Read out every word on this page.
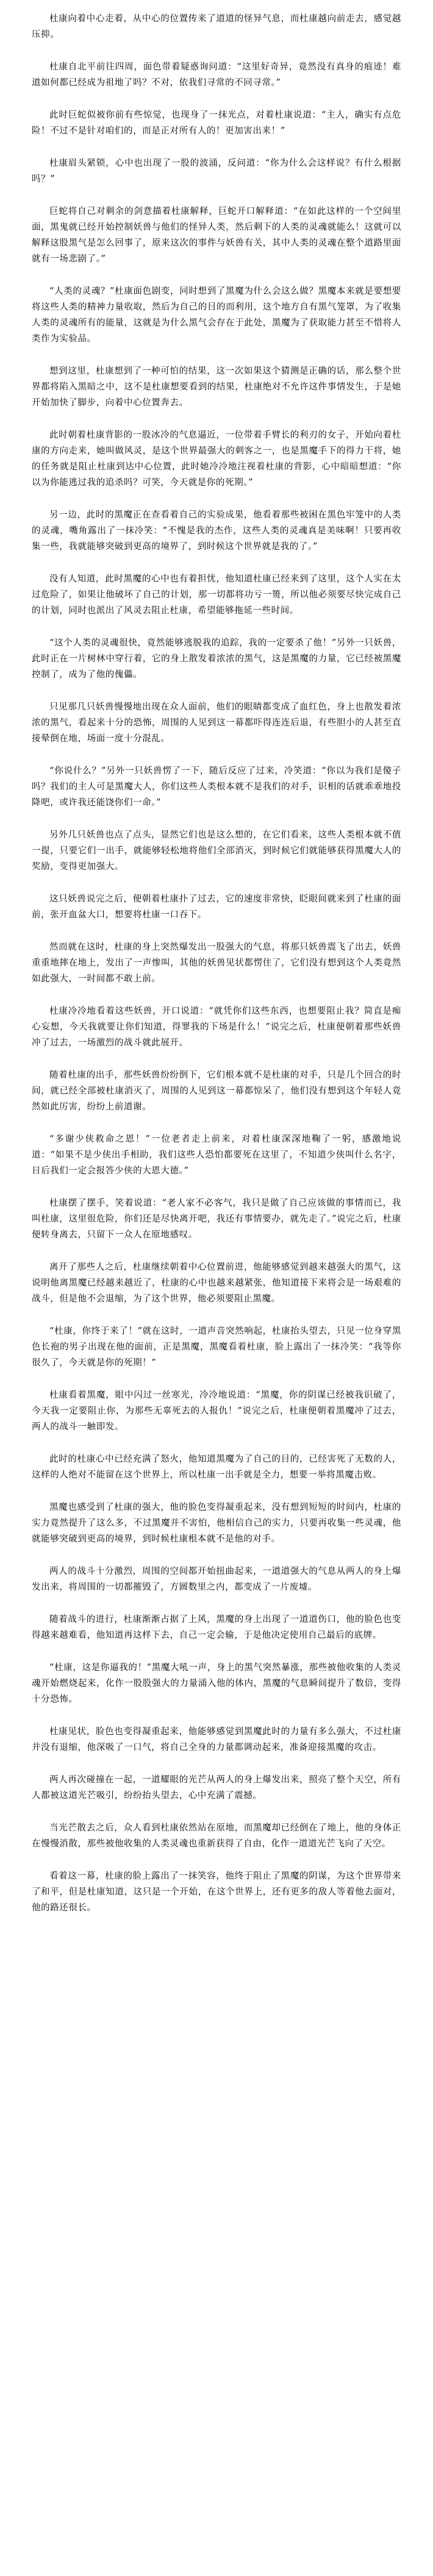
杜康向着中心走着，从中心的位置传来了道道的怪异气息，而杜康越向前走去，感觉越压抑。

杜康自北平前往四周，面色带着疑惑询问道：“这里好奇异，竟然没有真身的痕迹！难道如何都已经成为祖地了吗？不对，依我们寻常的不同寻常。”

此时巨蛇似被你前有些惊觉，也现身了一抹光点，对着杜康说道：“主人，确实有点危险！不过不是针对咱们的，而是正对所有人的！更加害出来！”

杜康眉头紧锁，心中也出现了一股的波涌，反问道：“你为什么会这样说？有什么根据吗？”

巨蛇将自己对剩余的剑意描着杜康解释，巨蛇开口解释道：“在如此这样的一个空间里面，黑鬼就已经开始控制妖兽与他们的怪异人类，然后剩下的人类的灵魂就能么！这就可以解释这股黑气是怎么回事了，原来这次的事件与妖兽有关，其中人类的灵魂在整个道路里面就有一场悲剧了。”

“人类的灵魂？”杜康面色剧变，同时想到了黑魔为什么会这么做？黑魔本来就是要想要将这些人类的精神力量收取，然后为自己的目的而利用，这个地方自有黑气笼罩，为了收集人类的灵魂所有的能量，这就是为什么黑气会存在于此处，黑魔为了获取能力甚至不惜将人类作为实验品。

想到这里，杜康想到了一种可怕的结果，这一次如果这个猜测是正确的话，那么整个世界都将陷入黑暗之中，这不是杜康想要看到的结果，杜康绝对不允许这件事情发生，于是她开始加快了脚步，向着中心位置奔去。

此时朝着杜康背影的一股冰冷的气息逼近，一位带着手臂长的利刃的女子，开始向着杜康的方向走来，她叫做风灵，是这个世界最强大的刺客之一，也是黑魔手下的得力干将，她的任务就是阻止杜康到达中心位置，此时她冷冷地注视着杜康的背影，心中暗暗想道：“你以为你能逃过我的追杀吗？可笑，今天就是你的死期。”

另一边，此时的黑魔正在查看着自己的实验成果，他看着那些被困在黑色牢笼中的人类的灵魂，嘴角露出了一抹冷笑：“不愧是我的杰作，这些人类的灵魂真是美味啊！只要再收集一些，我就能够突破到更高的境界了，到时候这个世界就是我的了。”

没有人知道，此时黑魔的心中也有着担忧，他知道杜康已经来到了这里，这个人实在太过危险了，如果让他破坏了自己的计划，那一切都将功亏一篑，所以他必须要尽快完成自己的计划，同时也派出了风灵去阻止杜康，希望能够拖延一些时间。

“这个人类的灵魂很快，竟然能够逃脱我的追踪，我的一定要杀了他！”另外一只妖兽，此时正在一片树林中穿行着，它的身上散发着浓浓的黑气，这是黑魔的力量，它已经被黑魔控制了，成为了他的傀儡。

只见那几只妖兽慢慢地出现在众人面前，他们的眼睛都变成了血红色，身上也散发着浓浓的黑气，看起来十分的恐怖，周围的人见到这一幕都吓得连连后退，有些胆小的人甚至直接晕倒在地，场面一度十分混乱。

“你说什么？”另外一只妖兽愣了一下，随后反应了过来，冷笑道：“你以为我们是傻子吗？我们的主人可是黑魔大人，你们这些人类根本就不是我们的对手，识相的话就乖乖地投降吧，或许我还能饶你们一命。”

另外几只妖兽也点了点头，显然它们也是这么想的，在它们看来，这些人类根本就不值一提，只要它们一出手，就能够轻松地将他们全部消灭，到时候它们就能够获得黑魔大人的奖励，变得更加强大。

这只妖兽说完之后，便朝着杜康扑了过去，它的速度非常快，眨眼间就来到了杜康的面前，张开血盆大口，想要将杜康一口吞下。

然而就在这时，杜康的身上突然爆发出一股强大的气息，将那只妖兽震飞了出去，妖兽重重地摔在地上，发出了一声惨叫，其他的妖兽见状都愣住了，它们没有想到这个人类竟然如此强大，一时间都不敢上前。

杜康冷冷地看着这些妖兽，开口说道：“就凭你们这些东西，也想要阻止我？简直是痴心妄想，今天我就要让你们知道，得罪我的下场是什么！”说完之后，杜康便朝着那些妖兽冲了过去，一场激烈的战斗就此展开。

随着杜康的出手，那些妖兽纷纷倒下，它们根本就不是杜康的对手，只是几个回合的时间，就已经全部被杜康消灭了，周围的人见到这一幕都惊呆了，他们没有想到这个年轻人竟然如此厉害，纷纷上前道谢。

“多谢少侠救命之恩！”一位老者走上前来，对着杜康深深地鞠了一躬，感激地说道：“如果不是少侠出手相助，我们这些人恐怕都要死在这里了，不知道少侠叫什么名字，日后我们一定会报答少侠的大恩大德。”

杜康摆了摆手，笑着说道：“老人家不必客气，我只是做了自己应该做的事情而已，我叫杜康，这里很危险，你们还是尽快离开吧，我还有事情要办，就先走了。”说完之后，杜康便转身离去，只留下一众人在原地感叹。

离开了那些人之后，杜康继续朝着中心位置前进，他能够感觉到越来越强大的黑气，这说明他离黑魔已经越来越近了，杜康的心中也越来越紧张，他知道接下来将会是一场艰难的战斗，但是他不会退缩，为了这个世界，他必须要阻止黑魔。

“杜康，你终于来了！”就在这时，一道声音突然响起，杜康抬头望去，只见一位身穿黑色长袍的男子出现在他的面前，正是黑魔，黑魔看着杜康，脸上露出了一抹冷笑：“我等你很久了，今天就是你的死期！”

杜康看着黑魔，眼中闪过一丝寒光，冷冷地说道：“黑魔，你的阴谋已经被我识破了，今天我一定要阻止你，为那些无辜死去的人报仇！”说完之后，杜康便朝着黑魔冲了过去，两人的战斗一触即发。

此时的杜康心中已经充满了怒火，他知道黑魔为了自己的目的，已经害死了无数的人，这样的人绝对不能留在这个世界上，所以杜康一出手就是全力，想要一举将黑魔击败。

黑魔也感受到了杜康的强大，他的脸色变得凝重起来，没有想到短短的时间内，杜康的实力竟然提升了这么多，不过黑魔并不害怕，他相信自己的实力，只要再收集一些灵魂，他就能够突破到更高的境界，到时候杜康根本就不是他的对手。

两人的战斗十分激烈，周围的空间都开始扭曲起来，一道道强大的气息从两人的身上爆发出来，将周围的一切都摧毁了，方圆数里之内，都变成了一片废墟。

随着战斗的进行，杜康渐渐占据了上风，黑魔的身上出现了一道道伤口，他的脸色也变得越来越难看，他知道再这样下去，自己一定会输，于是他决定使用自己最后的底牌。

“杜康，这是你逼我的！”黑魔大吼一声，身上的黑气突然暴涨，那些被他收集的人类灵魂开始燃烧起来，化作一股股强大的力量涌入他的体内，黑魔的气息瞬间提升了数倍，变得十分恐怖。

杜康见状，脸色也变得凝重起来，他能够感觉到黑魔此时的力量有多么强大，不过杜康并没有退缩，他深吸了一口气，将自己全身的力量都调动起来，准备迎接黑魔的攻击。

两人再次碰撞在一起，一道耀眼的光芒从两人的身上爆发出来，照亮了整个天空，所有人都被这道光芒吸引，纷纷抬头望去，心中充满了震撼。

当光芒散去之后，众人看到杜康依然站在原地，而黑魔却已经倒在了地上，他的身体正在慢慢消散，那些被他收集的人类灵魂也重新获得了自由，化作一道道光芒飞向了天空。

看着这一幕，杜康的脸上露出了一抹笑容，他终于阻止了黑魔的阴谋，为这个世界带来了和平，但是杜康知道，这只是一个开始，在这个世界上，还有更多的敌人等着他去面对，他的路还很长。
